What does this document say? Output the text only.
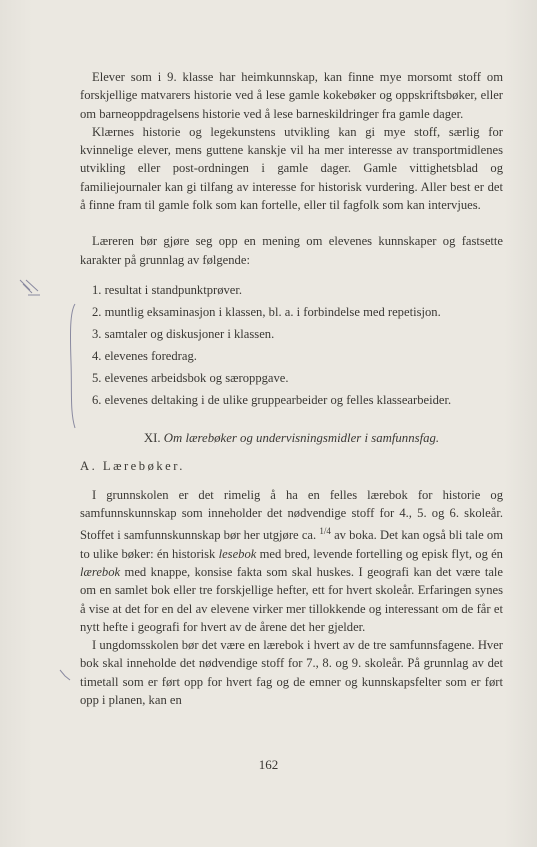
Elever som i 9. klasse har heimkunnskap, kan finne mye morsomt stoff om forskjellige matvarers historie ved å lese gamle kokebøker og oppskriftsbøker, eller om barneoppdragelsens historie ved å lese barneskildringer fra gamle dager.

Klærnes historie og legekunstens utvikling kan gi mye stoff, særlig for kvinnelige elever, mens guttene kanskje vil ha mer interesse av transportmidlenes utvikling eller post-ordningen i gamle dager. Gamle vittighetsblad og familiejournaler kan gi tilfang av interesse for historisk vurdering. Aller best er det å finne fram til gamle folk som kan fortelle, eller til fagfolk som kan intervjues.

Læreren bør gjøre seg opp en mening om elevenes kunnskaper og fastsette karakter på grunnlag av følgende:

1. resultat i standpunktprøver.
2. muntlig eksaminasjon i klassen, bl. a. i forbindelse med repetisjon.
3. samtaler og diskusjoner i klassen.
4. elevenes foredrag.
5. elevenes arbeidsbok og særoppgave.
6. elevenes deltaking i de ulike gruppearbeider og felles klassearbeider.

XI. Om lærebøker og undervisningsmidler i samfunnsfag.

A. Lærebøker.

I grunnskolen er det rimelig å ha en felles lærebok for historie og samfunnskunnskap som inneholder det nødvendige stoff for 4., 5. og 6. skoleår. Stoffet i samfunnskunnskap bør her utgjøre ca. $^{1/4}$ av boka. Det kan også bli tale om to ulike bøker: én historisk lesebok med bred, levende fortelling og episk flyt, og én lærebok med knappe, konsise fakta som skal huskes. I geografi kan det være tale om en samlet bok eller tre forskjellige hefter, ett for hvert skoleår. Erfaringen synes å vise at det for en del av elevene virker mer tillokkende og interessant om de får et nytt hefte i geografi for hvert av de årene det her gjelder.

I ungdomsskolen bør det være en lærebok i hvert av de tre samfunnsfagene. Hver bok skal inneholde det nødvendige stoff for 7., 8. og 9. skoleår. På grunnlag av det timetall som er ført opp for hvert fag og de emner og kunnskapsfelter som er ført opp i planen, kan en

162
